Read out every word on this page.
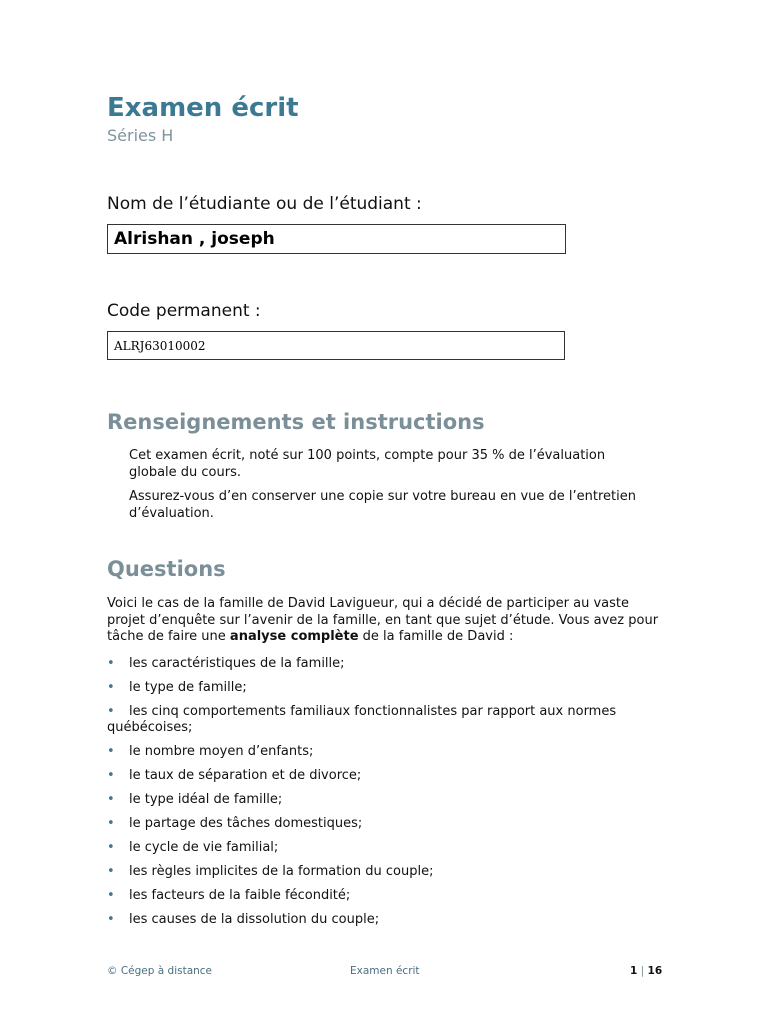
Examen écrit
Séries H
Nom de l’étudiante ou de l’étudiant :
Alrishan , joseph
Code permanent :
ALRJ63010002
Renseignements et instructions

Cet examen écrit, noté sur 100 points, compte pour 35 % de l’évaluation globale du cours.

Assurez-vous d’en conserver une copie sur votre bureau en vue de l’entretien d’évaluation.

Questions

Voici le cas de la famille de David Lavigueur, qui a décidé de participer au vaste projet d’enquête sur l’avenir de la famille, en tant que sujet d’étude. Vous avez pour tâche de faire une analyse complète de la famille de David :

• les caractéristiques de la famille;
• le type de famille;
• les cinq comportements familiaux fonctionnalistes par rapport aux normes québécoises;
• le nombre moyen d’enfants;
• le taux de séparation et de divorce;
• le type idéal de famille;
• le partage des tâches domestiques;
• le cycle de vie familial;
• les règles implicites de la formation du couple;
• les facteurs de la faible fécondité;
• les causes de la dissolution du couple;
© Cégep à distance	Examen écrit	1 | 16
